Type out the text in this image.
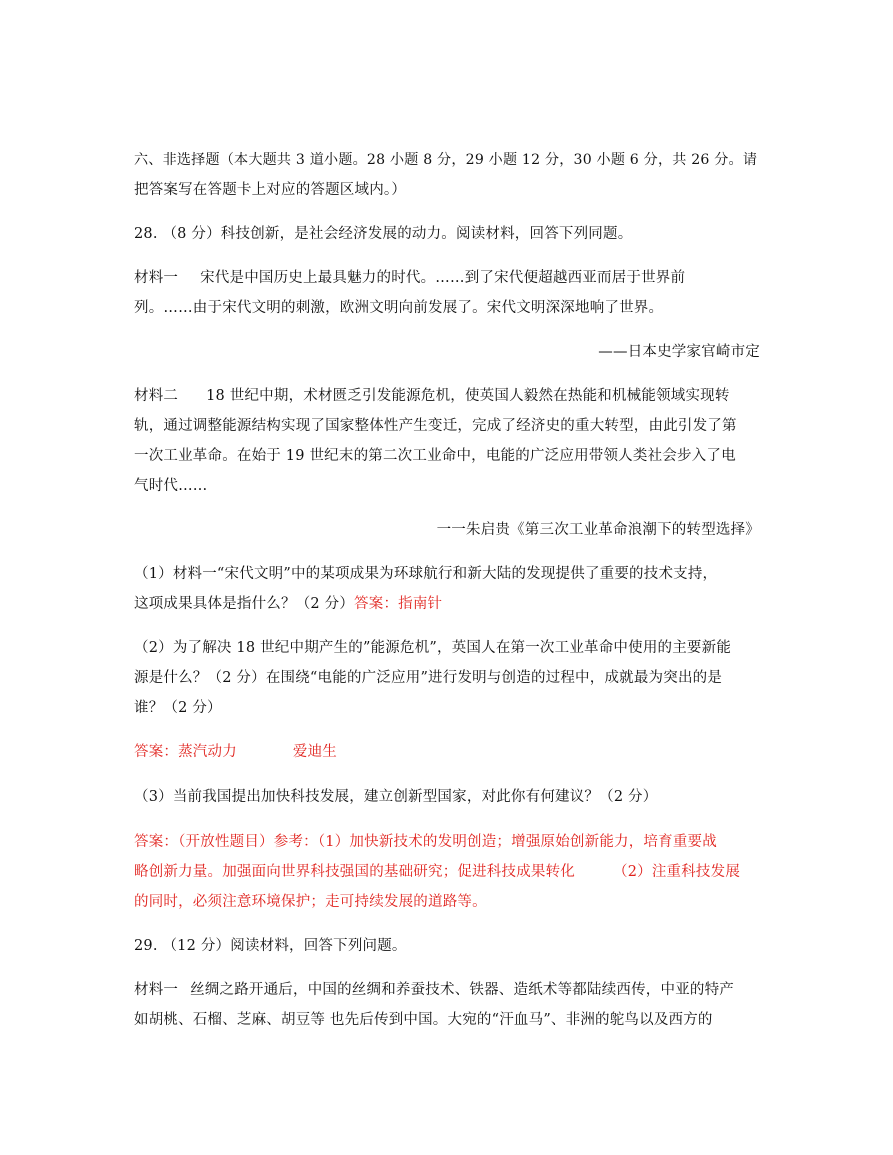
六、非选择题（本大题共 3 道小题。28 小题 8 分，29 小题 12 分，30 小题 6 分，共 26 分。请
把答案写在答题卡上对应的答题区域内。）
28. （8 分）科技创新，是社会经济发展的动力。阅读材料，回答下列同题。
材料一 宋代是中国历史上最具魅力的时代。……到了宋代便超越西亚而居于世界前
列。……由于宋代文明的刺激，欧洲文明向前发展了。宋代文明深深地响了世界。
——日本史学家官崎市定
材料二 18 世纪中期，术材匮乏引发能源危机，使英国人毅然在热能和机械能领域实现转
轨，通过调整能源结构实现了国家整体性产生变迁，完成了经济史的重大转型，由此引发了第
一次工业革命。在始于 19 世纪末的第二次工业命中，电能的广泛应用带领人类社会步入了电
气时代……
一一朱启贵《第三次工业革命浪潮下的转型选择》
（1）材料一“宋代文明”中的某项成果为环球航行和新大陆的发现提供了重要的技术支持，
这项成果具体是指什么？（2 分）答案：指南针
（2）为了解决 18 世纪中期产生的”能源危机”，英国人在第一次工业革命中使用的主要新能
源是什么？（2 分）在围绕“电能的广泛应用”进行发明与创造的过程中，成就最为突出的是
谁？（2 分）
答案：蒸汽动力	爱迪生
（3）当前我国提出加快科技发展，建立创新型国家，对此你有何建议？（2 分）
答案：（开放性题目）参考：（1）加快新技术的发明创造；增强原始创新能力，培育重要战
略创新力量。加强面向世界科技强国的基础研究；促进科技成果转化	（2）注重科技发展
的同时，必须注意环境保护；走可持续发展的道路等。
29. （12 分）阅读材料，回答下列问题。
材料一 丝绸之路开通后，中国的丝绸和养蚕技术、铁器、造纸术等都陆续西传，中亚的特产
如胡桃、石榴、芝麻、胡豆等 也先后传到中国。大宛的“汗血马”、非洲的鸵鸟以及西方的
